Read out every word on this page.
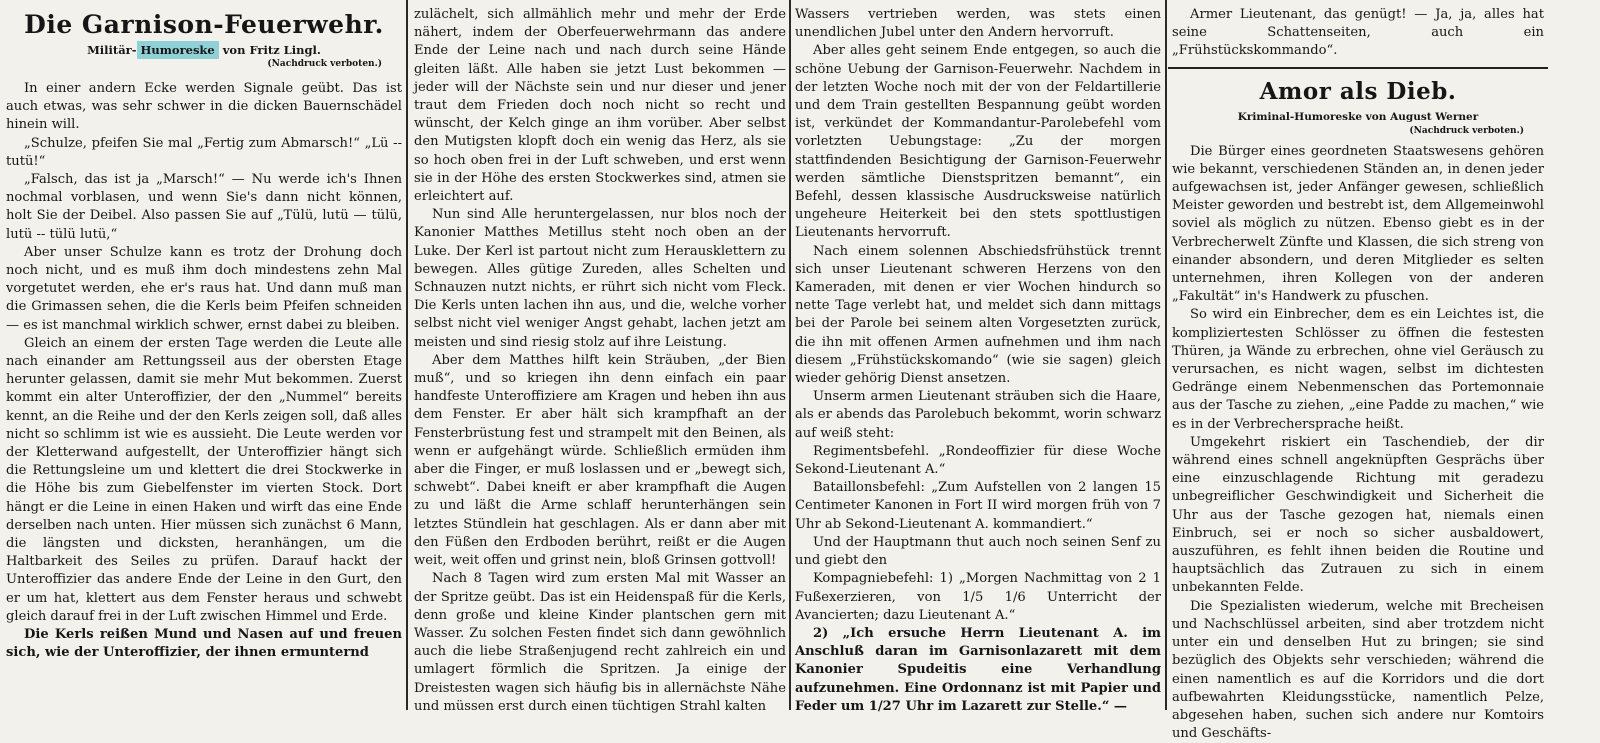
Die Garnison-Feuerwehr.
Militär- Humoreske von Fritz Lingl.
(Nachdruck verboten.)

In einer andern Ecke werden Signale geübt. Das ist auch etwas, was sehr schwer in die dicken Bauernschädel hinein will.

„Schulze, pfeifen Sie mal „Fertig zum Abmarsch!“ „Lü -- tutü!“

„Falsch, das ist ja „Marsch!“ — Nu werde ich's Ihnen nochmal vorblasen, und wenn Sie's dann nicht können, holt Sie der Deibel. Also passen Sie auf „Tülü, lutü — tülü, lutü -- tülü lutü,“

Aber unser Schulze kann es trotz der Drohung doch noch nicht, und es muß ihm doch mindestens zehn Mal vorgetutet werden, ehe er's raus hat. Und dann muß man die Grimassen sehen, die die Kerls beim Pfeifen schneiden — es ist manchmal wirklich schwer, ernst dabei zu bleiben.

Gleich an einem der ersten Tage werden die Leute alle nach einander am Rettungsseil aus der obersten Etage herunter gelassen, damit sie mehr Mut bekommen. Zuerst kommt ein alter Unteroffizier, der den „Nummel“ bereits kennt, an die Reihe und der den Kerls zeigen soll, daß alles nicht so schlimm ist wie es aussieht. Die Leute werden vor der Kletterwand aufgestellt, der Unteroffizier hängt sich die Rettungsleine um und klettert die drei Stockwerke in die Höhe bis zum Giebelfenster im vierten Stock. Dort hängt er die Leine in einen Haken und wirft das eine Ende derselben nach unten. Hier müssen sich zunächst 6 Mann, die längsten und dicksten, heranhängen, um die Haltbarkeit des Seiles zu prüfen. Darauf hackt der Unteroffizier das andere Ende der Leine in den Gurt, den er um hat, klettert aus dem Fenster heraus und schwebt gleich darauf frei in der Luft zwischen Himmel und Erde.

Die Kerls reißen Mund und Nasen auf und freuen sich, wie der Unteroffizier, der ihnen ermunternd

zulächelt, sich allmählich mehr und mehr der Erde nähert, indem der Oberfeuerwehrmann das andere Ende der Leine nach und nach durch seine Hände gleiten läßt. Alle haben sie jetzt Lust bekommen — jeder will der Nächste sein und nur dieser und jener traut dem Frieden doch noch nicht so recht und wünscht, der Kelch ginge an ihm vorüber. Aber selbst den Mutigsten klopft doch ein wenig das Herz, als sie so hoch oben frei in der Luft schweben, und erst wenn sie in der Höhe des ersten Stockwerkes sind, atmen sie erleichtert auf.

Nun sind Alle heruntergelassen, nur blos noch der Kanonier Matthes Metillus steht noch oben an der Luke. Der Kerl ist partout nicht zum Herausklettern zu bewegen. Alles gütige Zureden, alles Schelten und Schnauzen nutzt nichts, er rührt sich nicht vom Fleck. Die Kerls unten lachen ihn aus, und die, welche vorher selbst nicht viel weniger Angst gehabt, lachen jetzt am meisten und sind riesig stolz auf ihre Leistung.

Aber dem Matthes hilft kein Sträuben, „der Bien muß“, und so kriegen ihn denn einfach ein paar handfeste Unteroffiziere am Kragen und heben ihn aus dem Fenster. Er aber hält sich krampfhaft an der Fensterbrüstung fest und strampelt mit den Beinen, als wenn er aufgehängt würde. Schließlich ermüden ihm aber die Finger, er muß loslassen und er „bewegt sich, schwebt“. Dabei kneift er aber krampfhaft die Augen zu und läßt die Arme schlaff herunterhängen sein letztes Stündlein hat geschlagen. Als er dann aber mit den Füßen den Erdboden berührt, reißt er die Augen weit, weit offen und grinst nein, bloß Grinsen gottvoll!

Nach 8 Tagen wird zum ersten Mal mit Wasser an der Spritze geübt. Das ist ein Heidenspaß für die Kerls, denn große und kleine Kinder plantschen gern mit Wasser. Zu solchen Festen findet sich dann gewöhnlich auch die liebe Straßenjugend recht zahlreich ein und umlagert förmlich die Spritzen. Ja einige der Dreistesten wagen sich häufig bis in allernächste Nähe und müssen erst durch einen tüchtigen Strahl kalten

Wassers vertrieben werden, was stets einen unendlichen Jubel unter den Andern hervorruft.

Aber alles geht seinem Ende entgegen, so auch die schöne Uebung der Garnison-Feuerwehr. Nachdem in der letzten Woche noch mit der von der Feldartillerie und dem Train gestellten Bespannung geübt worden ist, verkündet der Kommandantur-Parolebefehl vom vorletzten Uebungstage: „Zu der morgen stattfindenden Besichtigung der Garnison-Feuerwehr werden sämtliche Dienstspritzen bemannt“, ein Befehl, dessen klassische Ausdrucksweise natürlich ungeheure Heiterkeit bei den stets spottlustigen Lieutenants hervorruft.

Nach einem solennen Abschiedsfrühstück trennt sich unser Lieutenant schweren Herzens von den Kameraden, mit denen er vier Wochen hindurch so nette Tage verlebt hat, und meldet sich dann mittags bei der Parole bei seinem alten Vorgesetzten zurück, die ihn mit offenen Armen aufnehmen und ihm nach diesem „Frühstückskomando“ (wie sie sagen) gleich wieder gehörig Dienst ansetzen.

Unserm armen Lieutenant sträuben sich die Haare, als er abends das Parolebuch bekommt, worin schwarz auf weiß steht:

Regimentsbefehl. „Rondeoffizier für diese Woche Sekond-Lieutenant A.“

Bataillonsbefehl: „Zum Aufstellen von 2 langen 15 Centimeter Kanonen in Fort II wird morgen früh von 7 Uhr ab Sekond-Lieutenant A. kommandiert.“

Und der Hauptmann thut auch noch seinen Senf zu und giebt den

Kompagniebefehl: 1) „Morgen Nachmittag von 2 1 Fußexerzieren, von 1/5 1/6 Unterricht der Avancierten; dazu Lieutenant A.“

2) „Ich ersuche Herrn Lieutenant A. im Anschluß daran im Garnisonlazarett mit dem Kanonier Spudeitis eine Verhandlung aufzunehmen. Eine Ordonnanz ist mit Papier und Feder um 1/27 Uhr im Lazarett zur Stelle.“ —

Armer Lieutenant, das genügt! — Ja, ja, alles hat seine Schattenseiten, auch ein „Frühstückskommando“.

Amor als Dieb.
Kriminal-Humoreske von August Werner
(Nachdruck verboten.)

Die Bürger eines geordneten Staatswesens gehören wie bekannt, verschiedenen Ständen an, in denen jeder aufgewachsen ist, jeder Anfänger gewesen, schließlich Meister geworden und bestrebt ist, dem Allgemeinwohl soviel als möglich zu nützen. Ebenso giebt es in der Verbrecherwelt Zünfte und Klassen, die sich streng von einander absondern, und deren Mitglieder es selten unternehmen, ihren Kollegen von der anderen „Fakultät“ in's Handwerk zu pfuschen.

So wird ein Einbrecher, dem es ein Leichtes ist, die kompliziertesten Schlösser zu öffnen die festesten Thüren, ja Wände zu erbrechen, ohne viel Geräusch zu verursachen, es nicht wagen, selbst im dichtesten Gedränge einem Nebenmenschen das Portemonnaie aus der Tasche zu ziehen, „eine Padde zu machen,“ wie es in der Verbrechersprache heißt.

Umgekehrt riskiert ein Taschendieb, der dir während eines schnell angeknüpften Gesprächs über eine einzuschlagende Richtung mit geradezu unbegreiflicher Geschwindigkeit und Sicherheit die Uhr aus der Tasche gezogen hat, niemals einen Einbruch, sei er noch so sicher ausbaldowert, auszuführen, es fehlt ihnen beiden die Routine und hauptsächlich das Zutrauen zu sich in einem unbekannten Felde.

Die Spezialisten wiederum, welche mit Brecheisen und Nachschlüssel arbeiten, sind aber trotzdem nicht unter ein und denselben Hut zu bringen; sie sind bezüglich des Objekts sehr verschieden; während die einen namentlich es auf die Korridors und die dort aufbewahrten Kleidungsstücke, namentlich Pelze, abgesehen haben, suchen sich andere nur Komtoirs und Geschäfts-
